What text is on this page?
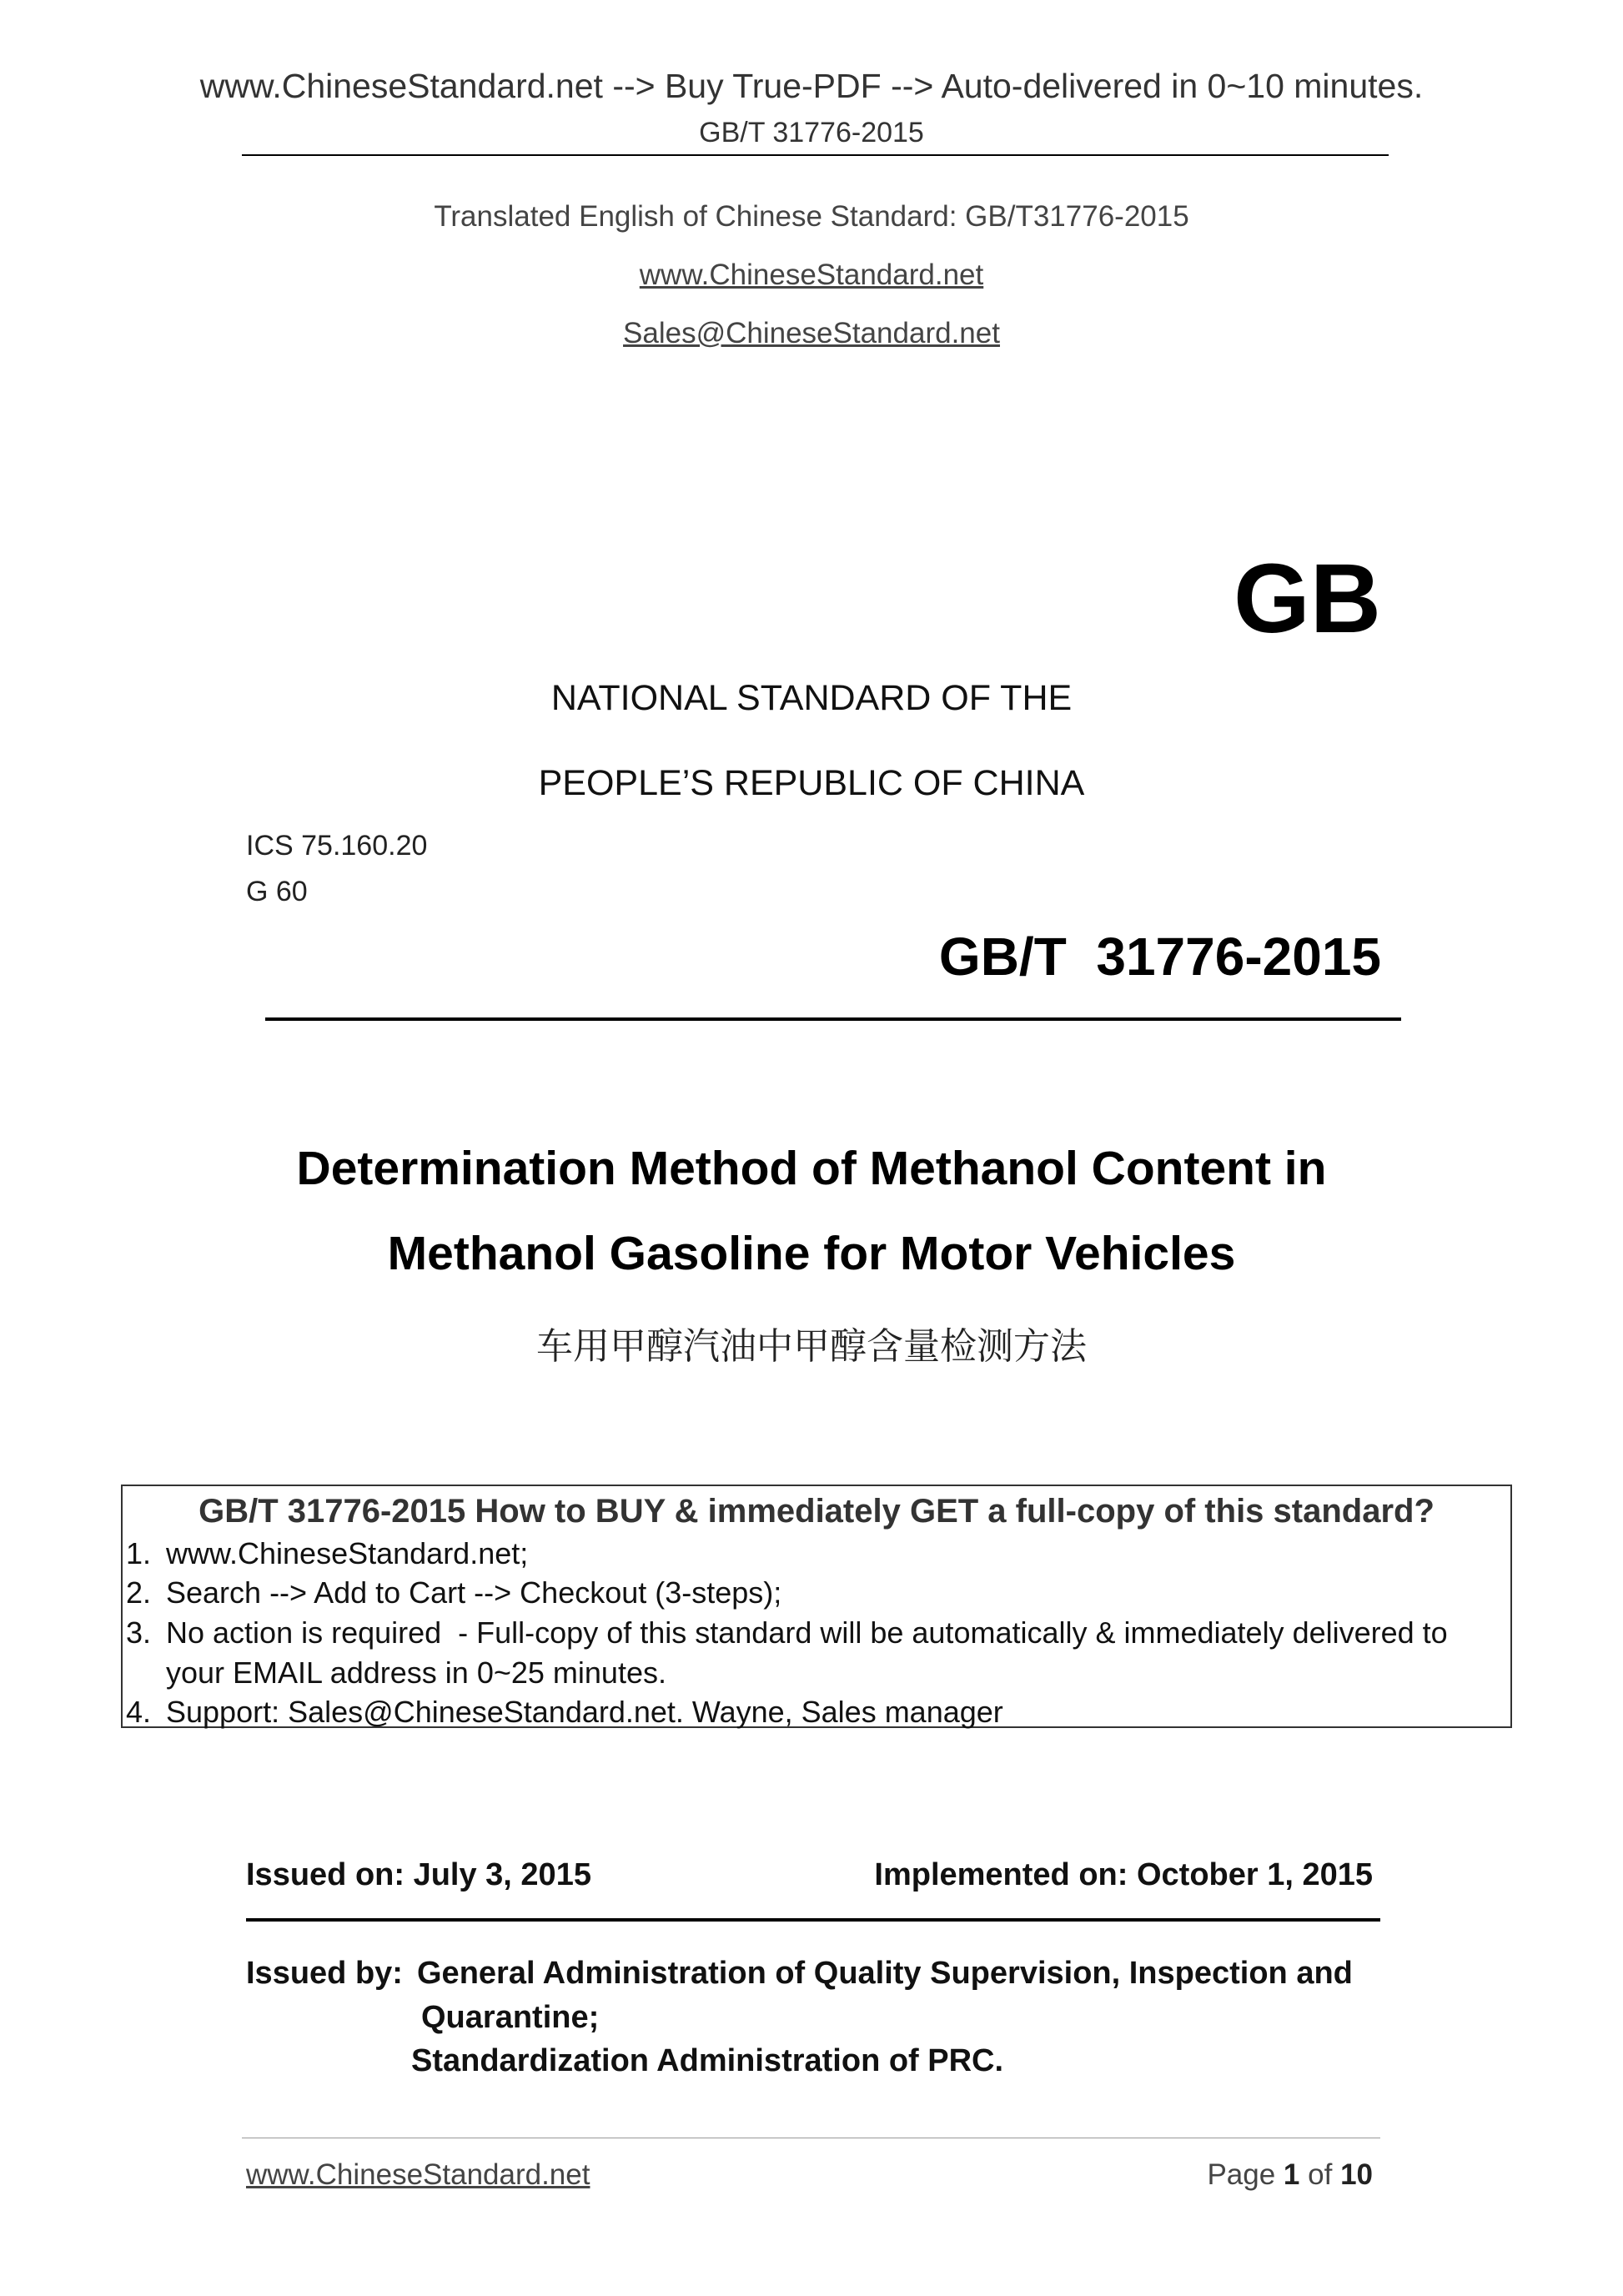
www.ChineseStandard.net --> Buy True-PDF --> Auto-delivered in 0~10 minutes.
GB/T 31776-2015
Translated English of Chinese Standard: GB/T31776-2015
www.ChineseStandard.net
Sales@ChineseStandard.net
GB
NATIONAL STANDARD OF THE
PEOPLE’S REPUBLIC OF CHINA
ICS 75.160.20
G 60
GB/T  31776-2015
Determination Method of Methanol Content in
Methanol Gasoline for Motor Vehicles
车用甲醇汽油中甲醇含量检测方法
GB/T 31776-2015 How to BUY & immediately GET a full-copy of this standard?
1. www.ChineseStandard.net;
2. Search --> Add to Cart --> Checkout (3-steps);
3. No action is required  - Full-copy of this standard will be automatically & immediately delivered to
your EMAIL address in 0~25 minutes.
4. Support: Sales@ChineseStandard.net. Wayne, Sales manager
Issued on: July 3, 2015	Implemented on: October 1, 2015
Issued by: General Administration of Quality Supervision, Inspection and
Quarantine;
Standardization Administration of PRC.
www.ChineseStandard.net	Page 1 of 10
